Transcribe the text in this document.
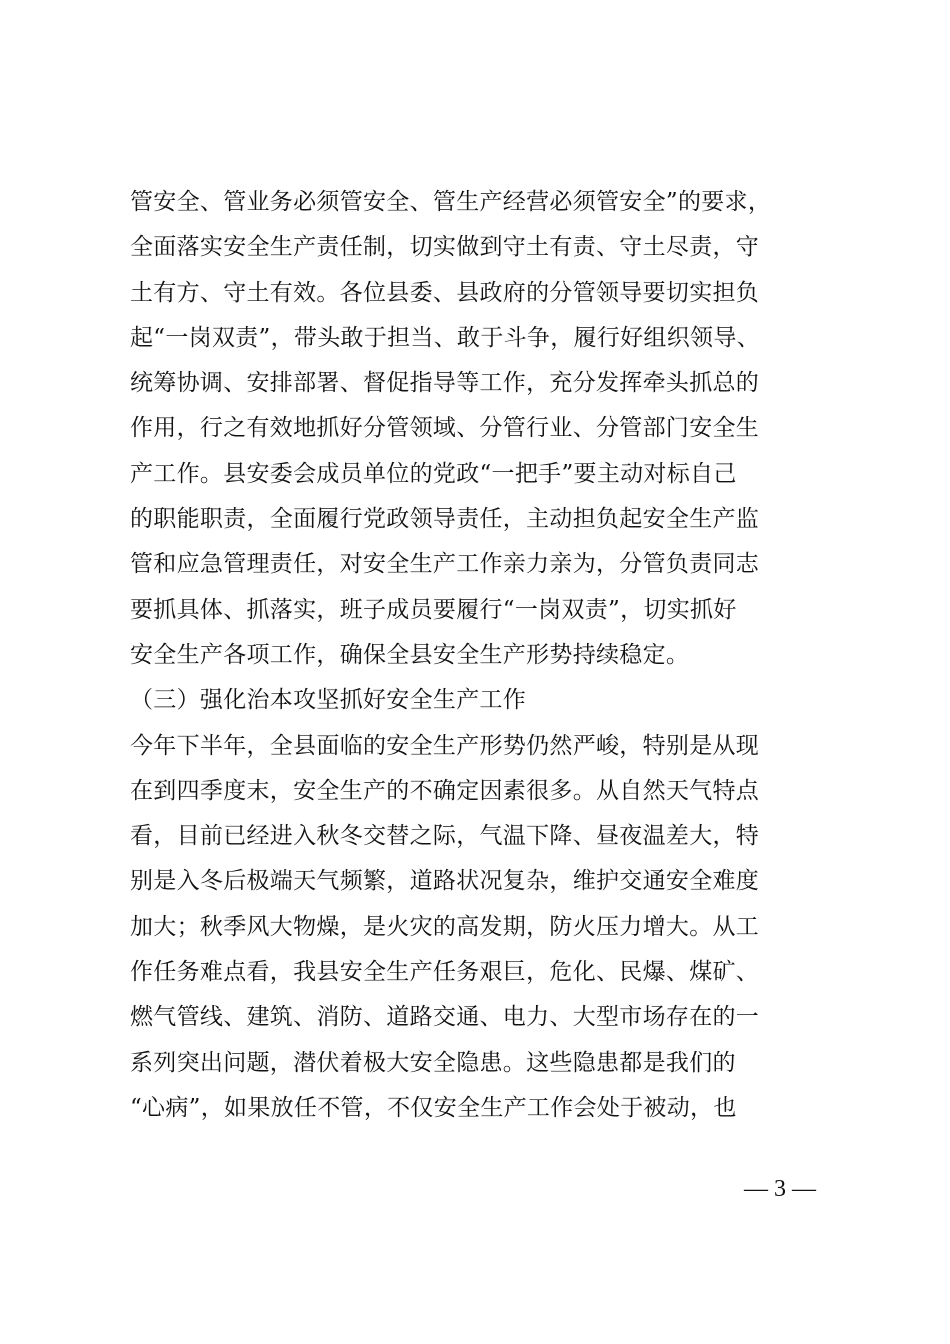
管安全、管业务必须管安全、管生产经营必须管安全”的要求，
全面落实安全生产责任制，切实做到守土有责、守土尽责，守
土有方、守土有效。各位县委、县政府的分管领导要切实担负
起“一岗双责”，带头敢于担当、敢于斗争，履行好组织领导、
统筹协调、安排部署、督促指导等工作，充分发挥牵头抓总的
作用，行之有效地抓好分管领域、分管行业、分管部门安全生
产工作。县安委会成员单位的党政“一把手”要主动对标自己
的职能职责，全面履行党政领导责任，主动担负起安全生产监
管和应急管理责任，对安全生产工作亲力亲为，分管负责同志
要抓具体、抓落实，班子成员要履行“一岗双责”，切实抓好
安全生产各项工作，确保全县安全生产形势持续稳定。
（三）强化治本攻坚抓好安全生产工作
今年下半年，全县面临的安全生产形势仍然严峻，特别是从现
在到四季度末，安全生产的不确定因素很多。从自然天气特点
看，目前已经进入秋冬交替之际，气温下降、昼夜温差大，特
别是入冬后极端天气频繁，道路状况复杂，维护交通安全难度
加大；秋季风大物燥，是火灾的高发期，防火压力增大。从工
作任务难点看，我县安全生产任务艰巨，危化、民爆、煤矿、
燃气管线、建筑、消防、道路交通、电力、大型市场存在的一
系列突出问题，潜伏着极大安全隐患。这些隐患都是我们的
“心病”，如果放任不管，不仅安全生产工作会处于被动，也
— 3 —
